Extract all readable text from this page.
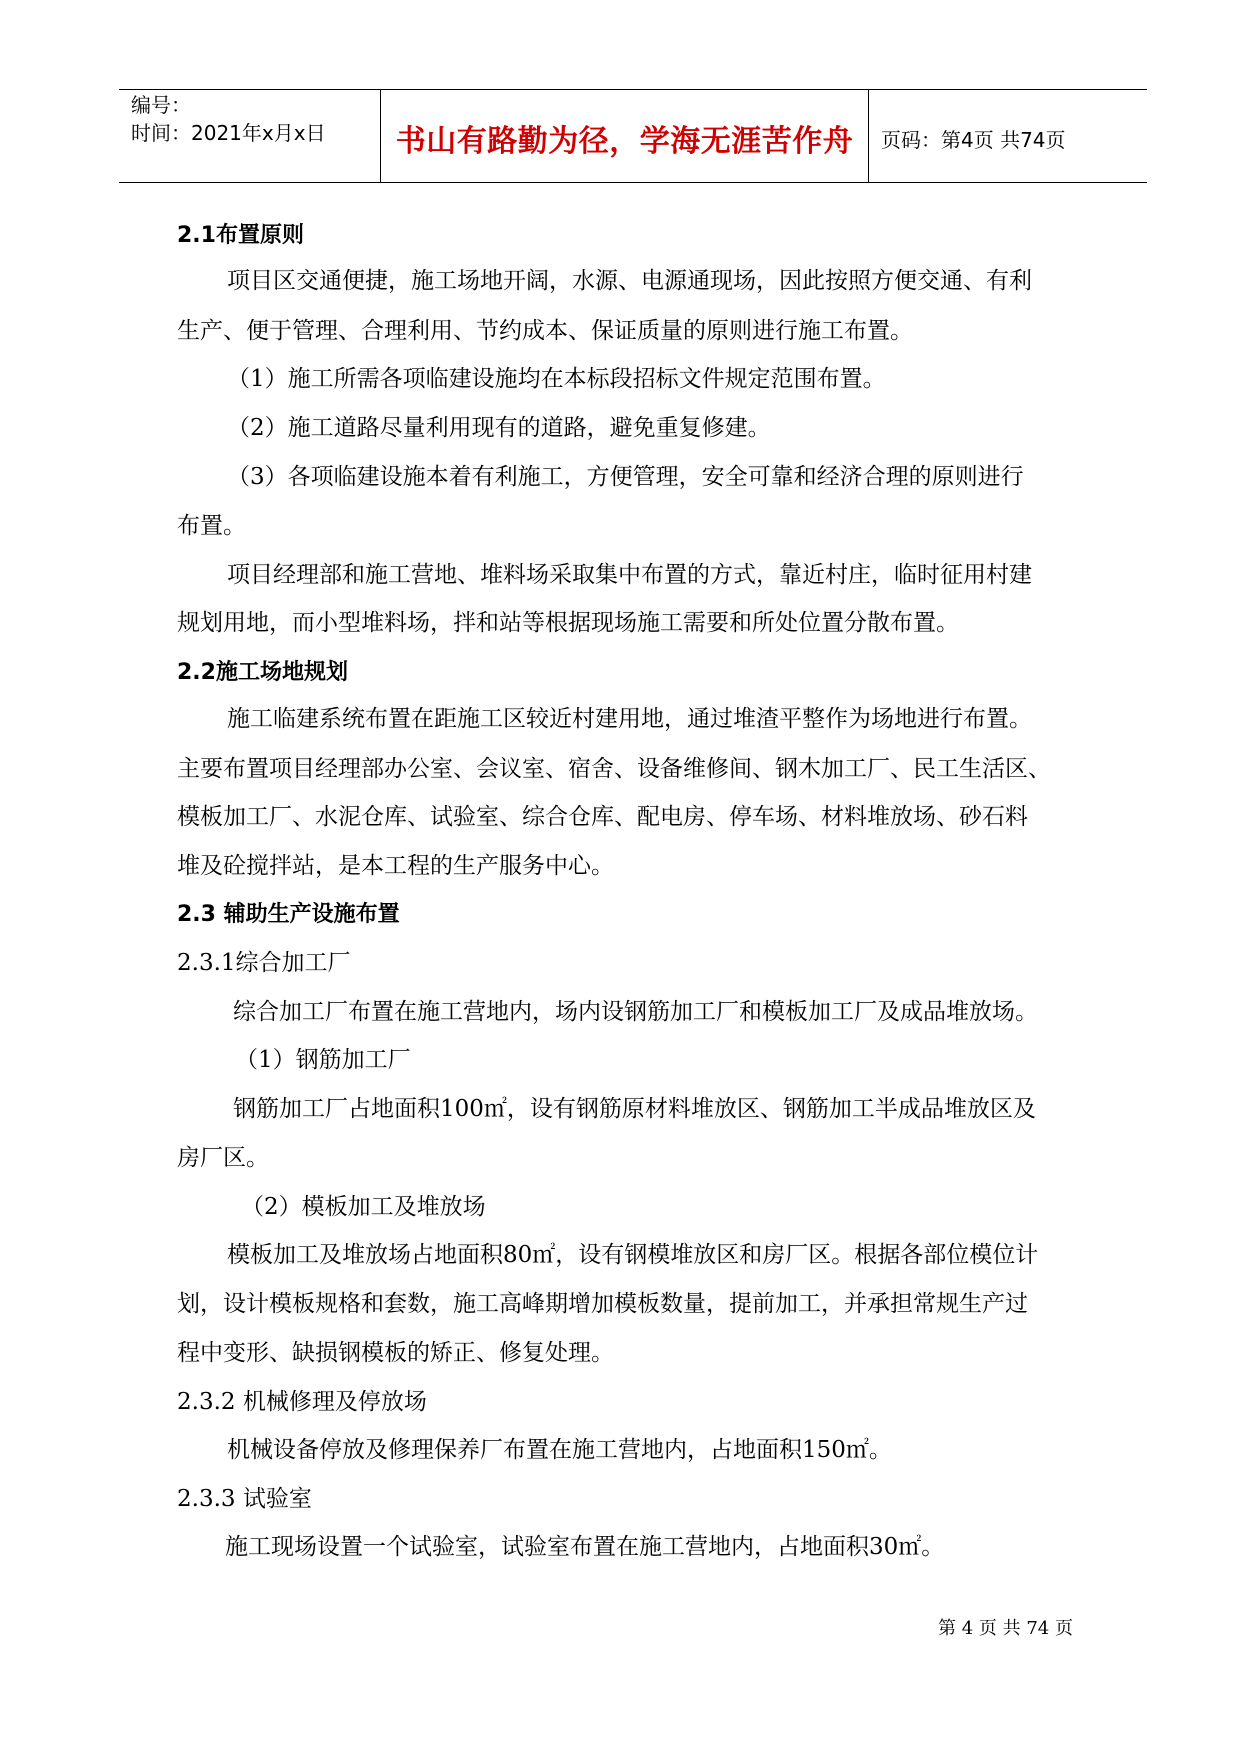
编号：
时间：2021年x月x日	书山有路勤为径，学海无涯苦作舟	页码：第4页 共74页
2.1布置原则
项目区交通便捷，施工场地开阔，水源、电源通现场，因此按照方便交通、有利
生产、便于管理、合理利用、节约成本、保证质量的原则进行施工布置。
（1）施工所需各项临建设施均在本标段招标文件规定范围布置。
（2）施工道路尽量利用现有的道路，避免重复修建。
（3）各项临建设施本着有利施工，方便管理，安全可靠和经济合理的原则进行
布置。
项目经理部和施工营地、堆料场采取集中布置的方式，靠近村庄，临时征用村建
规划用地，而小型堆料场，拌和站等根据现场施工需要和所处位置分散布置。
2.2施工场地规划
施工临建系统布置在距施工区较近村建用地，通过堆渣平整作为场地进行布置。
主要布置项目经理部办公室、会议室、宿舍、设备维修间、钢木加工厂、民工生活区、
模板加工厂、水泥仓库、试验室、综合仓库、配电房、停车场、材料堆放场、砂石料
堆及砼搅拌站，是本工程的生产服务中心。
2.3 辅助生产设施布置
2.3.1综合加工厂
综合加工厂布置在施工营地内，场内设钢筋加工厂和模板加工厂及成品堆放场。
（1）钢筋加工厂
钢筋加工厂占地面积100㎡，设有钢筋原材料堆放区、钢筋加工半成品堆放区及
房厂区。
（2）模板加工及堆放场
模板加工及堆放场占地面积80㎡，设有钢模堆放区和房厂区。根据各部位模位计
划，设计模板规格和套数，施工高峰期增加模板数量，提前加工，并承担常规生产过
程中变形、缺损钢模板的矫正、修复处理。
2.3.2 机械修理及停放场
机械设备停放及修理保养厂布置在施工营地内，占地面积150㎡。
2.3.3 试验室
施工现场设置一个试验室，试验室布置在施工营地内，占地面积30㎡。
第 4 页 共 74 页
